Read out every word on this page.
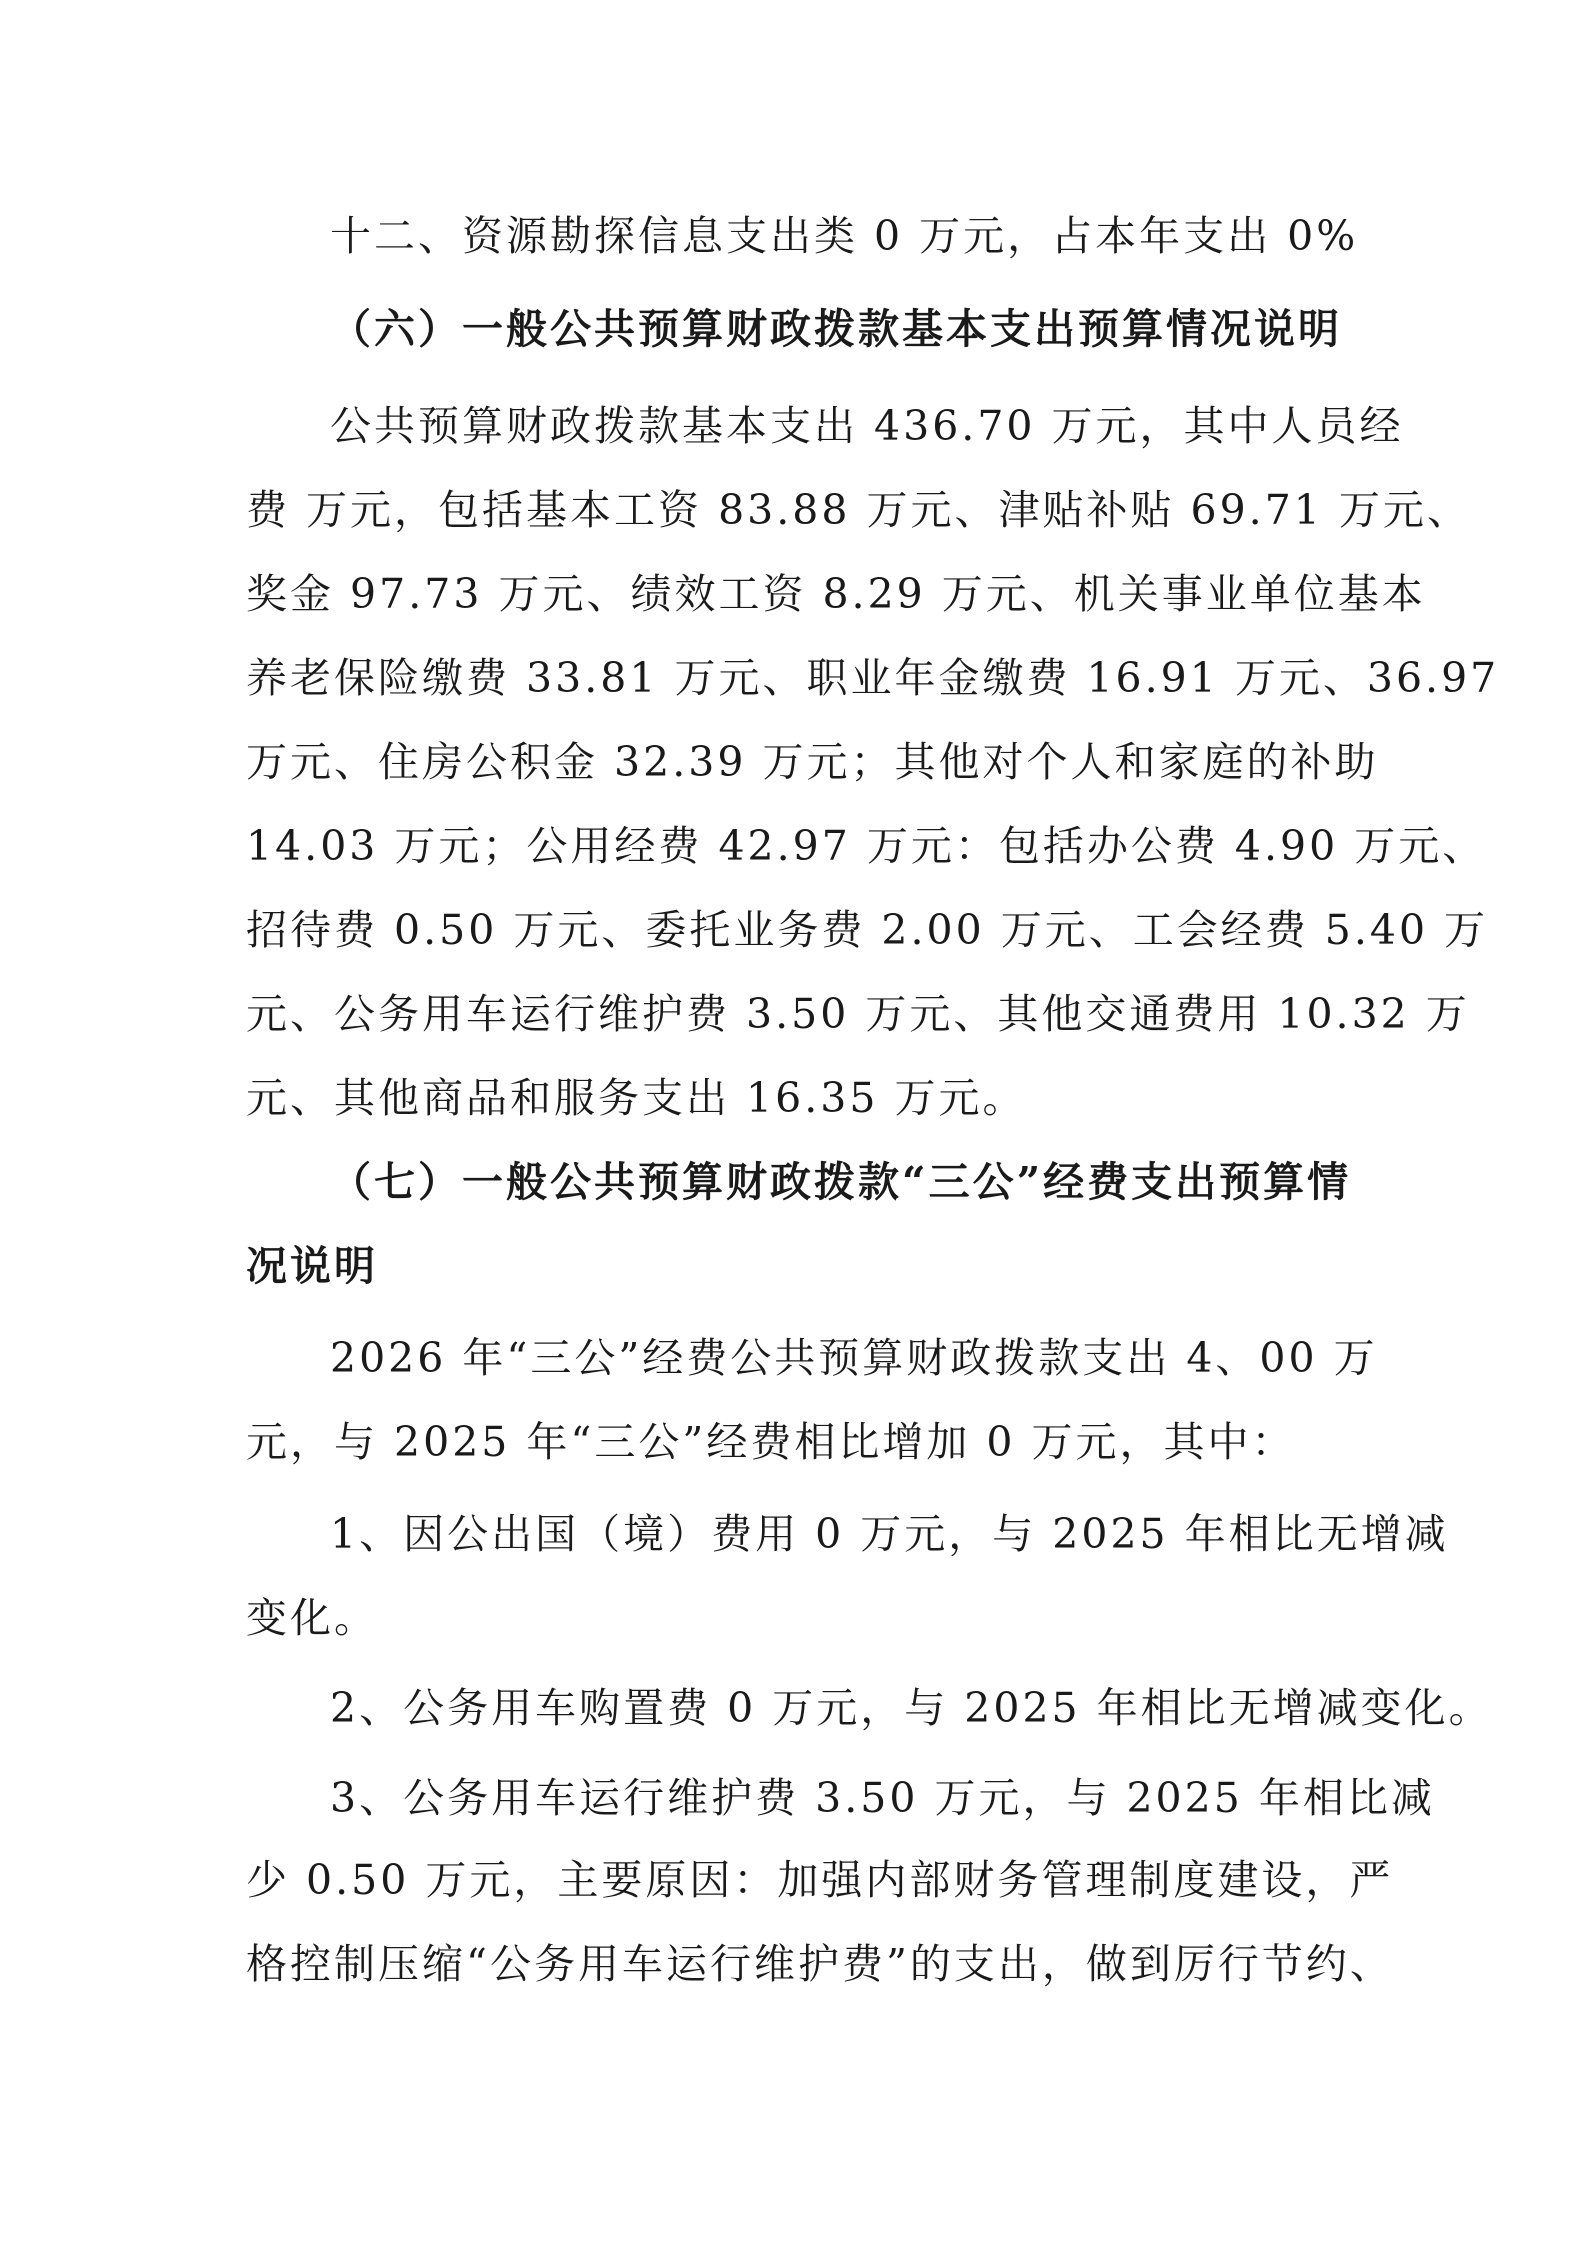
十二、资源勘探信息支出类 0 万元，占本年支出 0%
（六）一般公共预算财政拨款基本支出预算情况说明
公共预算财政拨款基本支出 436.70 万元，其中人员经
费 万元，包括基本工资 83.88 万元、津贴补贴 69.71 万元、
奖金 97.73 万元、绩效工资 8.29 万元、机关事业单位基本
养老保险缴费 33.81 万元、职业年金缴费 16.91 万元、36.97
万元、住房公积金 32.39 万元；其他对个人和家庭的补助
14.03 万元；公用经费 42.97 万元：包括办公费 4.90 万元、
招待费 0.50 万元、委托业务费 2.00 万元、工会经费 5.40 万
元、公务用车运行维护费 3.50 万元、其他交通费用 10.32 万
元、其他商品和服务支出 16.35 万元。
（七）一般公共预算财政拨款“三公”经费支出预算情
况说明
2026 年“三公”经费公共预算财政拨款支出 4、00 万
元，与 2025 年“三公”经费相比增加 0 万元，其中：
1、因公出国（境）费用 0 万元，与 2025 年相比无增减
变化。
2、公务用车购置费 0 万元，与 2025 年相比无增减变化。
3、公务用车运行维护费 3.50 万元，与 2025 年相比减
少 0.50 万元，主要原因：加强内部财务管理制度建设，严
格控制压缩“公务用车运行维护费”的支出，做到厉行节约、
